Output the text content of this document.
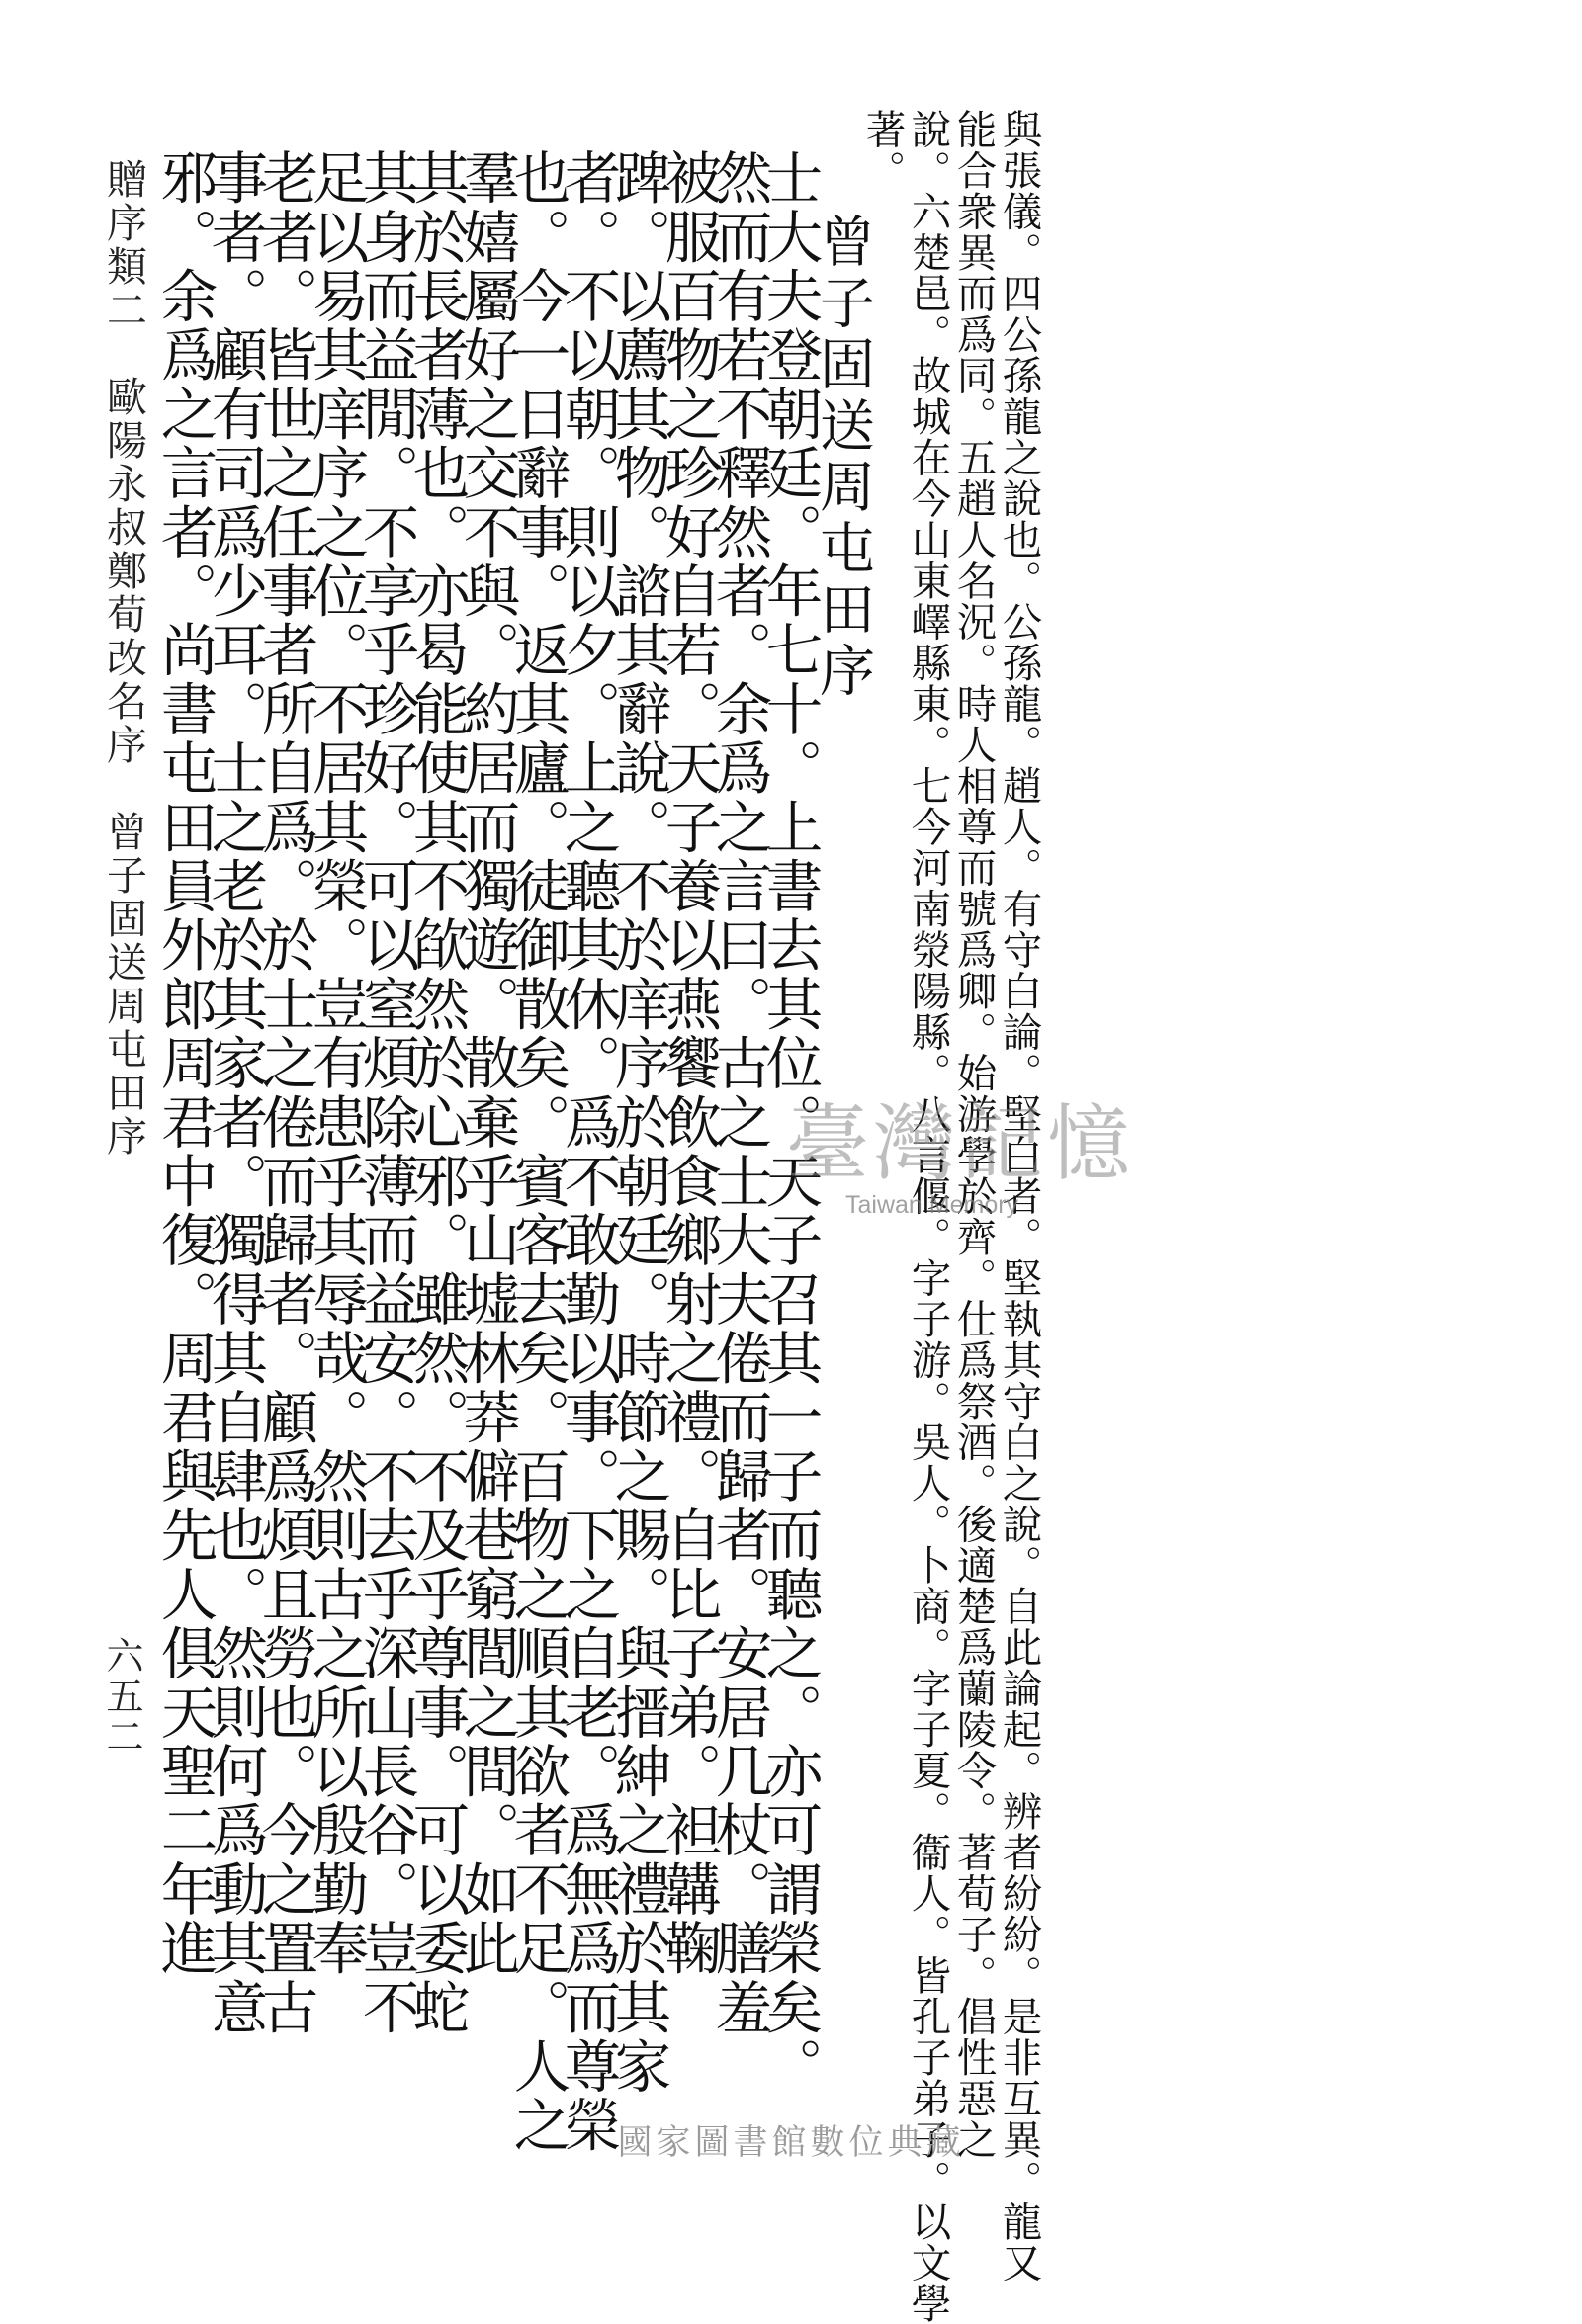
與張儀。四公孫龍之說也。公孫龍。趙人。有守白論。堅白者。堅執其守白之說。自此論起。辨者紛紛。是非互異。龍又
能合衆異而爲同。五趙人名況。時人相尊而號爲卿。始游學於齊。仕爲祭酒。後適楚爲蘭陵令。著荀子。倡性惡之
說。六楚邑。故城在今山東嶧縣東。七今河南滎陽縣。八言偃。字子游。吳人。卜商。字子夏。衞人。皆孔子弟子。以文學
著。
曾子固送周屯田序
士大夫登朝廷。年七十。上書去其位。天子召其一子而聽之。亦可謂榮矣。
然而有若不釋然者。余爲之言曰。古之士大夫倦而歸者。安居几杖。膳羞
被服百物之珍好自若。天子養以燕饗飲食鄉射之禮。自比子弟。袒韝鞠
䠋。以薦其物。諮其辭說。不於庠序於朝廷。時節之賜。與搢紳之禮於其家
者。不以朝。則以夕。上之聽其休。爲不敢勤以事。下之自老。爲無爲而尊榮
也。今一日辭事。返其廬。徒御散矣。賓客去矣。百物之順其欲者不足。人之
羣嬉屬好之交不與。約居而獨遊。散棄乎山墟林莽僻巷窮閭之間。如此
其於長者薄也。亦曷能使其不欿然於心邪。雖然。不及乎尊事。可以委蛇
其身而益閒。不享乎珍好。可以窒煩除薄而益安。不去乎深山長谷。豈不
足以易其庠序之位。不居其榮。豈有患乎其辱哉。然則古之所以殷勤奉
老者。皆世之任事者所自爲。於士之倦而歸者。顧爲煩且勞也。今之置古
事者。顧有司爲少耳。士之老於其家者。獨得其自肆也。然則何爲動其意
邪。余爲之言者。尚書屯田員外郎周君中復。周君與先人俱天聖二年進
贈序類二　歐陽永叔鄭荀改名序　曾子固送周屯田序
六五二
臺灣記憶
Taiwan Memory
國家圖書館數位典藏
